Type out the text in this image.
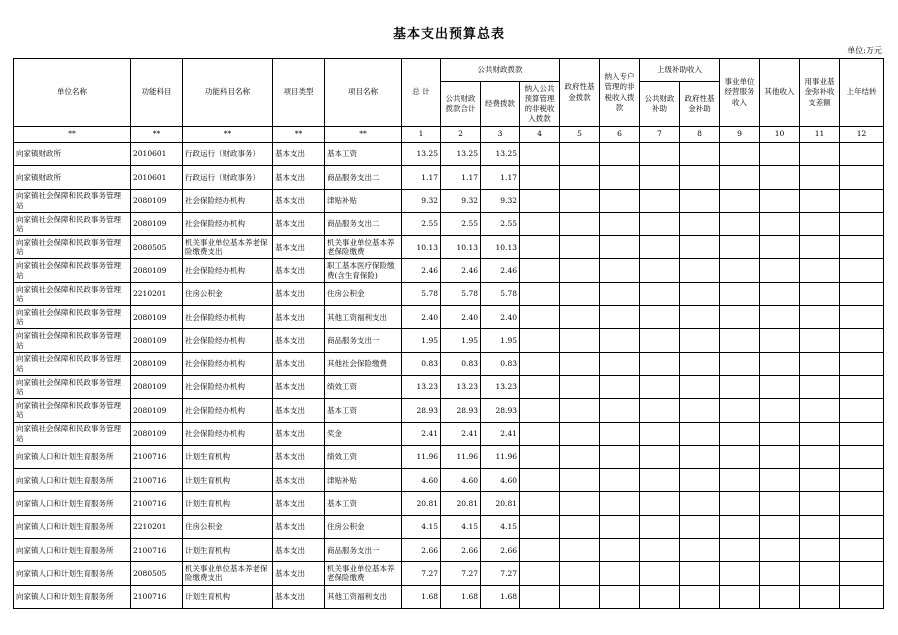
基本支出预算总表
单位:万元
单位名称	功能科目	功能科目名称	项目类型	项目名称	总 计	公共财政拨款			政府性基金拨款	纳入专户管理的非税收入拨款	上级补助收入		事业单位经营服务收入	其他收入	用事业基金弥补收支差额	上年结转
						公共财政拨款合计	经费拨款	纳入公共预算管理的非税收入拨款			公共财政补助	政府性基金补助				
**	**	**	**	**	1	2	3	4	5	6	7	8	9	10	11	12
向家镇财政所	2010601	行政运行（财政事务）	基本支出	基本工资	13.25	13.25	13.25									
向家镇财政所	2010601	行政运行（财政事务）	基本支出	商品服务支出二	1.17	1.17	1.17									
向家镇社会保障和民政事务管理站	2080109	社会保险经办机构	基本支出	津贴补贴	9.32	9.32	9.32									
向家镇社会保障和民政事务管理站	2080109	社会保险经办机构	基本支出	商品服务支出二	2.55	2.55	2.55									
向家镇社会保障和民政事务管理站	2080505	机关事业单位基本养老保险缴费支出	基本支出	机关事业单位基本养老保险缴费	10.13	10.13	10.13									
向家镇社会保障和民政事务管理站	2080109	社会保险经办机构	基本支出	职工基本医疗保险缴费(含生育保险)	2.46	2.46	2.46									
向家镇社会保障和民政事务管理站	2210201	住房公积金	基本支出	住房公积金	5.78	5.78	5.78									
向家镇社会保障和民政事务管理站	2080109	社会保险经办机构	基本支出	其他工资福利支出	2.40	2.40	2.40									
向家镇社会保障和民政事务管理站	2080109	社会保险经办机构	基本支出	商品服务支出一	1.95	1.95	1.95									
向家镇社会保障和民政事务管理站	2080109	社会保险经办机构	基本支出	其他社会保险缴费	0.83	0.83	0.83									
向家镇社会保障和民政事务管理站	2080109	社会保险经办机构	基本支出	绩效工资	13.23	13.23	13.23									
向家镇社会保障和民政事务管理站	2080109	社会保险经办机构	基本支出	基本工资	28.93	28.93	28.93									
向家镇社会保障和民政事务管理站	2080109	社会保险经办机构	基本支出	奖金	2.41	2.41	2.41									
向家镇人口和计划生育服务所	2100716	计划生育机构	基本支出	绩效工资	11.96	11.96	11.96									
向家镇人口和计划生育服务所	2100716	计划生育机构	基本支出	津贴补贴	4.60	4.60	4.60									
向家镇人口和计划生育服务所	2100716	计划生育机构	基本支出	基本工资	20.81	20.81	20.81									
向家镇人口和计划生育服务所	2210201	住房公积金	基本支出	住房公积金	4.15	4.15	4.15									
向家镇人口和计划生育服务所	2100716	计划生育机构	基本支出	商品服务支出一	2.66	2.66	2.66									
向家镇人口和计划生育服务所	2080505	机关事业单位基本养老保险缴费支出	基本支出	机关事业单位基本养老保险缴费	7.27	7.27	7.27									
向家镇人口和计划生育服务所	2100716	计划生育机构	基本支出	其他工资福利支出	1.68	1.68	1.68									
